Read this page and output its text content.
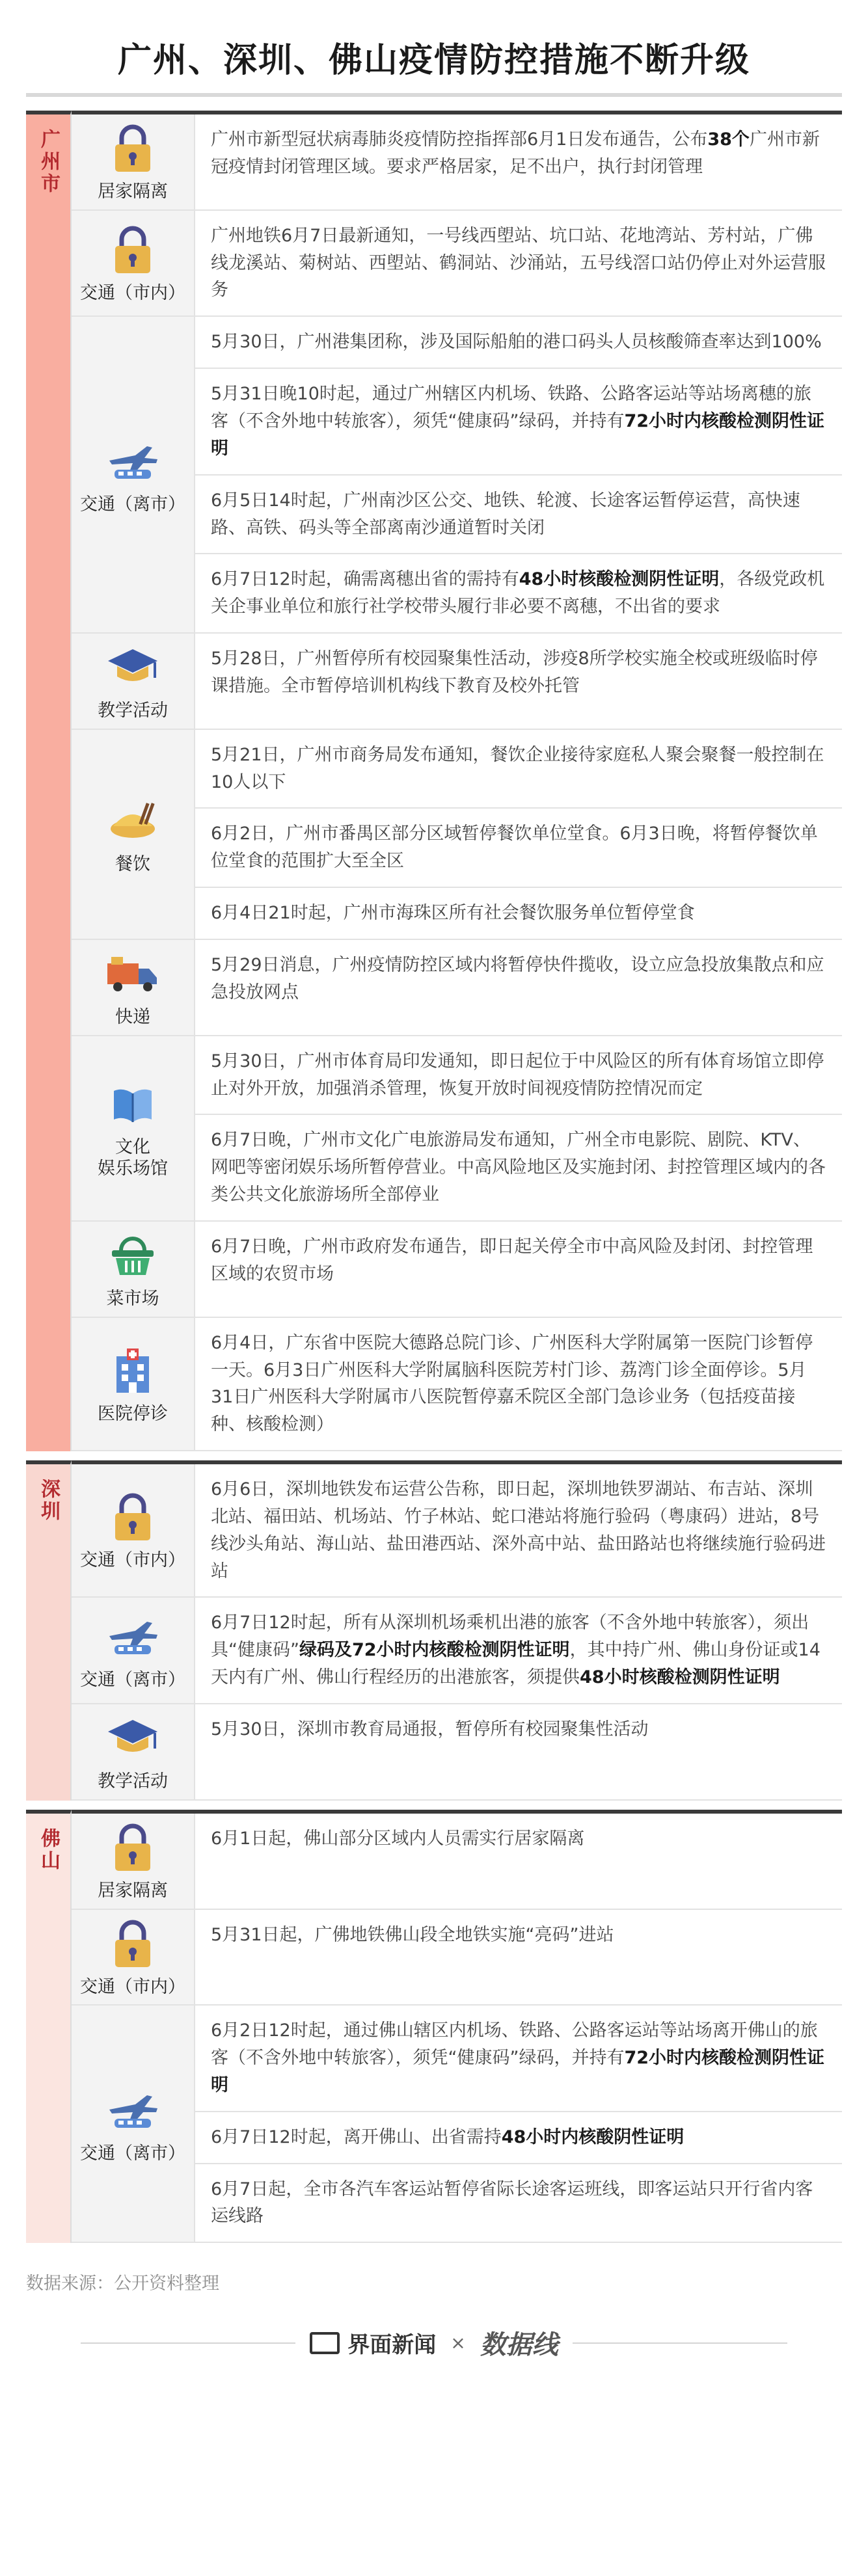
广州、深圳、佛山疫情防控措施不断升级
广州市 居家隔离
广州市新型冠状病毒肺炎疫情防控指挥部6月1日发布通告，公布38个广州市新冠疫情封闭管理区域。要求严格居家，足不出户，执行封闭管理
交通（市内）
广州地铁6月7日最新通知，一号线西塱站、坑口站、花地湾站、芳村站，广佛线龙溪站、菊树站、西塱站、鹤洞站、沙涌站，五号线滘口站仍停止对外运营服务
交通（离市）
5月30日，广州港集团称，涉及国际船舶的港口码头人员核酸筛查率达到100%
5月31日晚10时起，通过广州辖区内机场、铁路、公路客运站等站场离穗的旅客（不含外地中转旅客），须凭“健康码”绿码，并持有72小时内核酸检测阴性证明
6月5日14时起，广州南沙区公交、地铁、轮渡、长途客运暂停运营，高快速路、高铁、码头等全部离南沙通道暂时关闭
6月7日12时起，确需离穗出省的需持有48小时核酸检测阴性证明，各级党政机关企事业单位和旅行社学校带头履行非必要不离穗，不出省的要求
教学活动
5月28日，广州暂停所有校园聚集性活动，涉疫8所学校实施全校或班级临时停课措施。全市暂停培训机构线下教育及校外托管
餐饮
5月21日，广州市商务局发布通知，餐饮企业接待家庭私人聚会聚餐一般控制在10人以下
6月2日，广州市番禺区部分区域暂停餐饮单位堂食。6月3日晚，将暂停餐饮单位堂食的范围扩大至全区
6月4日21时起，广州市海珠区所有社会餐饮服务单位暂停堂食
快递
5月29日消息，广州疫情防控区域内将暂停快件揽收，设立应急投放集散点和应急投放网点
文化
娱乐场馆
5月30日，广州市体育局印发通知，即日起位于中风险区的所有体育场馆立即停止对外开放，加强消杀管理，恢复开放时间视疫情防控情况而定
6月7日晚，广州市文化广电旅游局发布通知，广州全市电影院、剧院、KTV、网吧等密闭娱乐场所暂停营业。中高风险地区及实施封闭、封控管理区域内的各类公共文化旅游场所全部停业
菜市场
6月7日晚，广州市政府发布通告，即日起关停全市中高风险及封闭、封控管理区域的农贸市场
医院停诊
6月4日，广东省中医院大德路总院门诊、广州医科大学附属第一医院门诊暂停一天。6月3日广州医科大学附属脑科医院芳村门诊、荔湾门诊全面停诊。5月31日广州医科大学附属市八医院暂停嘉禾院区全部门急诊业务（包括疫苗接种、核酸检测）
深圳
交通（市内）
6月6日，深圳地铁发布运营公告称，即日起，深圳地铁罗湖站、布吉站、深圳北站、福田站、机场站、竹子林站、蛇口港站将施行验码（粤康码）进站，8号线沙头角站、海山站、盐田港西站、深外高中站、盐田路站也将继续施行验码进站
交通（离市）
6月7日12时起，所有从深圳机场乘机出港的旅客（不含外地中转旅客），须出具“健康码”绿码及72小时内核酸检测阴性证明，其中持广州、佛山身份证或14天内有广州、佛山行程经历的出港旅客，须提供48小时核酸检测阴性证明
教学活动
5月30日，深圳市教育局通报，暂停所有校园聚集性活动
佛山
居家隔离
6月1日起，佛山部分区域内人员需实行居家隔离
交通（市内）
5月31日起，广佛地铁佛山段全地铁实施“亮码”进站
交通（离市）
6月2日12时起，通过佛山辖区内机场、铁路、公路客运站等站场离开佛山的旅客（不含外地中转旅客），须凭“健康码”绿码，并持有72小时内核酸检测阴性证明
6月7日12时起，离开佛山、出省需持48小时内核酸阴性证明
6月7日起，全市各汽车客运站暂停省际长途客运班线，即客运站只开行省内客运线路
数据来源：公开资料整理
界面新闻 × 数据线
